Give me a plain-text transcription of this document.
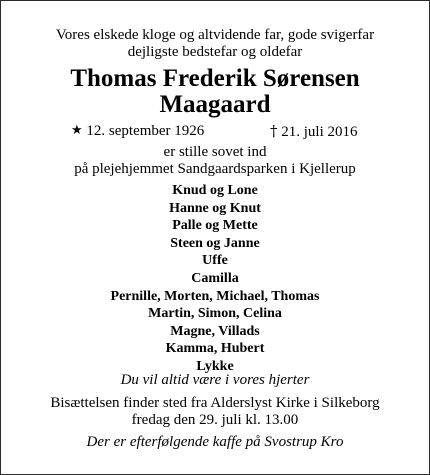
Vores elskede kloge og altvidende far, gode svigerfar
dejligste bedstefar og oldefar
Thomas Frederik Sørensen
Maagaard
★ 12. september 1926	† 21. juli 2016
er stille sovet ind
på plejehjemmet Sandgaardsparken i Kjellerup
Knud og Lone
Hanne og Knut
Palle og Mette
Steen og Janne
Uffe
Camilla
Pernille, Morten, Michael, Thomas
Martin, Simon, Celina
Magne, Villads
Kamma, Hubert
Lykke
Du vil altid være i vores hjerter
Bisættelsen finder sted fra Alderslyst Kirke i Silkeborg
fredag den 29. juli kl. 13.00
Der er efterfølgende kaffe på Svostrup Kro
